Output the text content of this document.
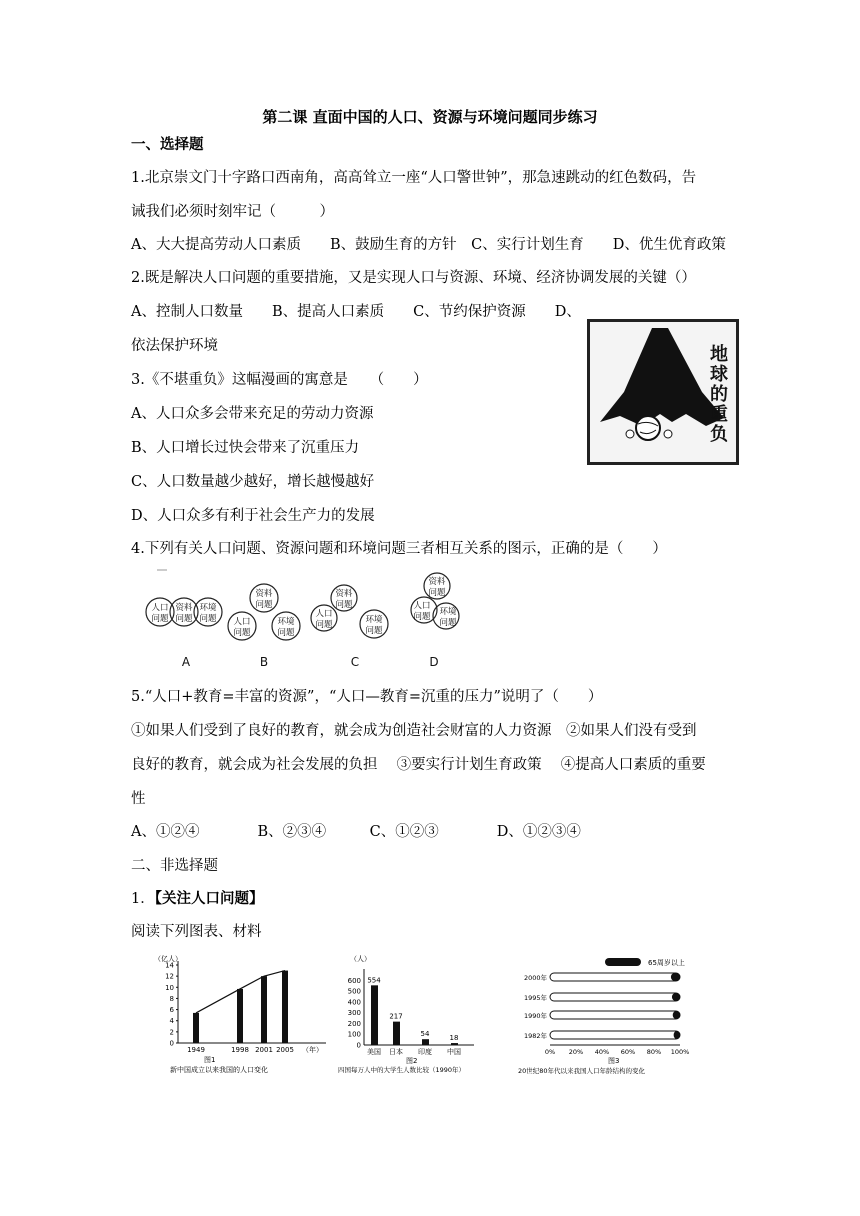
第二课 直面中国的人口、资源与环境问题同步练习
一、选择题
1.北京崇文门十字路口西南角，高高耸立一座“人口警世钟”，那急速跳动的红色数码，告
诫我们必须时刻牢记（　　　）
A、大大提高劳动人口素质　　B、鼓励生育的方针　C、实行计划生育　　D、优生优育政策
2.既是解决人口问题的重要措施，又是实现人口与资源、环境、经济协调发展的关键（）
A、控制人口数量　　B、提高人口素质　　C、节约保护资源　　D、
依法保护环境
3.《不堪重负》这幅漫画的寓意是　　（　　）
A、人口众多会带来充足的劳动力资源
B、人口增长过快会带来了沉重压力
C、人口数量越少越好，增长越慢越好
D、人口众多有利于社会生产力的发展
地
球
的
重
负
4.下列有关人口问题、资源问题和环境问题三者相互关系的图示，正确的是（　　）
人口
问题
资料
问题
环境
问题
资料
问题
人口
问题
环境
问题
资料
问题
人口
问题	环境
问题
资料
问题
人口
问题 环境
问题
A	B	C	D
5.“人口+教育=丰富的资源”，“人口—教育=沉重的压力”说明了（　　）
①如果人们受到了良好的教育，就会成为创造社会财富的人力资源　②如果人们没有受到
良好的教育，就会成为社会发展的负担　 ③要实行计划生育政策　 ④提高人口素质的重要
性
A、①②④　　　　B、②③④　　　C、①②③　　　　D、①②③④
二、非选择题
1．【关注人口问题】
阅读下列图表、材料
（亿人）
0
2
4
6
8
10
12
14
1949	1998 2001 2005 （年）
图1
新中国成立以来我国的人口变化
（人）
0
100
200
300
400
500
600 554
美国
217
日本
54
印度
18
中国
图2
四国每万人中的大学生人数比较（1990年）
65周岁以上
2000年
1995年
1990年
1982年
0% 20% 40% 60% 80% 100%
图3
20世纪80年代以来我国人口年龄结构的变化
